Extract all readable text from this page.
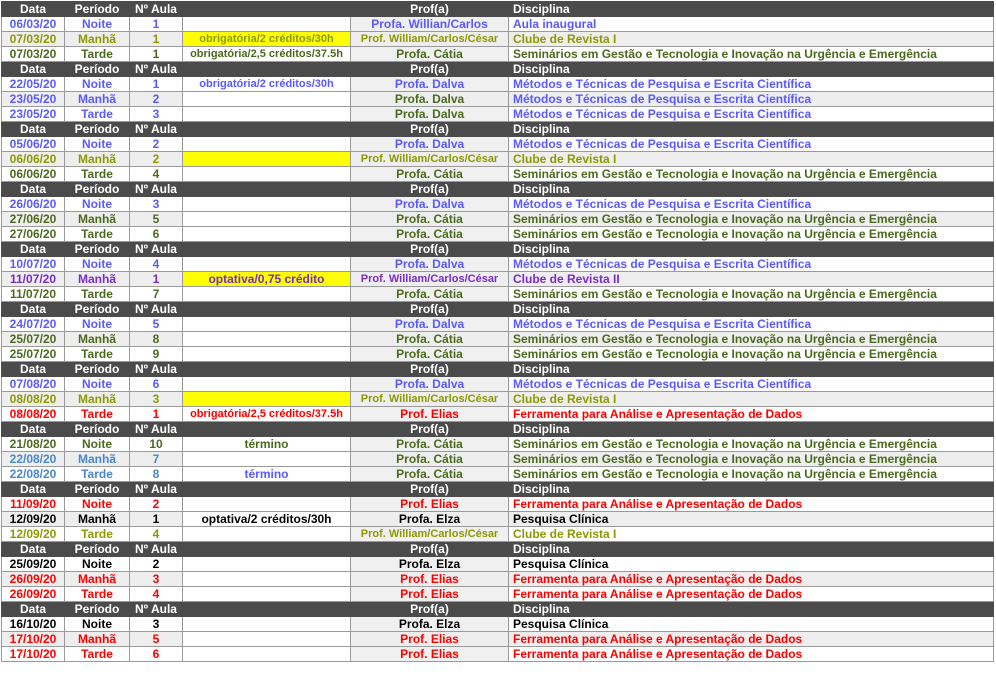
Data	Período	Nº Aula		Prof(a)	Disciplina
06/03/20	Noite	1		Profa. Willian/Carlos	Aula inaugural
07/03/20	Manhã	1	obrigatória/2 créditos/30h	Prof. William/Carlos/César	Clube de Revista I
07/03/20	Tarde	1	obrigatória/2,5 créditos/37.5h	Profa. Cátia	Seminários em Gestão e Tecnologia e Inovação na Urgência e Emergência
Data	Período	Nº Aula		Prof(a)	Disciplina
22/05/20	Noite	1	obrigatória/2 créditos/30h	Profa. Dalva	Métodos e Técnicas de Pesquisa e Escrita Científica
23/05/20	Manhã	2		Profa. Dalva	Métodos e Técnicas de Pesquisa e Escrita Científica
23/05/20	Tarde	3		Profa. Dalva	Métodos e Técnicas de Pesquisa e Escrita Científica
Data	Período	Nº Aula		Prof(a)	Disciplina
05/06/20	Noite	2		Profa. Dalva	Métodos e Técnicas de Pesquisa e Escrita Científica
06/06/20	Manhã	2		Prof. William/Carlos/César	Clube de Revista I
06/06/20	Tarde	4		Profa. Cátia	Seminários em Gestão e Tecnologia e Inovação na Urgência e Emergência
Data	Período	Nº Aula		Prof(a)	Disciplina
26/06/20	Noite	3		Profa. Dalva	Métodos e Técnicas de Pesquisa e Escrita Científica
27/06/20	Manhã	5		Profa. Cátia	Seminários em Gestão e Tecnologia e Inovação na Urgência e Emergência
27/06/20	Tarde	6		Profa. Cátia	Seminários em Gestão e Tecnologia e Inovação na Urgência e Emergência
Data	Período	Nº Aula		Prof(a)	Disciplina
10/07/20	Noite	4		Profa. Dalva	Métodos e Técnicas de Pesquisa e Escrita Científica
11/07/20	Manhã	1	optativa/0,75 crédito	Prof. William/Carlos/César	Clube de Revista II
11/07/20	Tarde	7		Profa. Cátia	Seminários em Gestão e Tecnologia e Inovação na Urgência e Emergência
Data	Período	Nº Aula		Prof(a)	Disciplina
24/07/20	Noite	5		Profa. Dalva	Métodos e Técnicas de Pesquisa e Escrita Científica
25/07/20	Manhã	8		Profa. Cátia	Seminários em Gestão e Tecnologia e Inovação na Urgência e Emergência
25/07/20	Tarde	9		Profa. Cátia	Seminários em Gestão e Tecnologia e Inovação na Urgência e Emergência
Data	Período	Nº Aula		Prof(a)	Disciplina
07/08/20	Noite	6		Profa. Dalva	Métodos e Técnicas de Pesquisa e Escrita Científica
08/08/20	Manhã	3		Prof. William/Carlos/César	Clube de Revista I
08/08/20	Tarde	1	obrigatória/2,5 créditos/37.5h	Prof. Elias	Ferramenta para Análise e Apresentação de Dados
Data	Período	Nº Aula		Prof(a)	Disciplina
21/08/20	Noite	10	término	Profa. Cátia	Seminários em Gestão e Tecnologia e Inovação na Urgência e Emergência
22/08/20	Manhã	7		Profa. Cátia	Seminários em Gestão e Tecnologia e Inovação na Urgência e Emergência
22/08/20	Tarde	8	término	Profa. Cátia	Seminários em Gestão e Tecnologia e Inovação na Urgência e Emergência
Data	Período	Nº Aula		Prof(a)	Disciplina
11/09/20	Noite	2		Prof. Elias	Ferramenta para Análise e Apresentação de Dados
12/09/20	Manhã	1	optativa/2 créditos/30h	Profa. Elza	Pesquisa Clínica
12/09/20	Tarde	4		Prof. William/Carlos/César	Clube de Revista I
Data	Período	Nº Aula		Prof(a)	Disciplina
25/09/20	Noite	2		Profa. Elza	Pesquisa Clínica
26/09/20	Manhã	3		Prof. Elias	Ferramenta para Análise e Apresentação de Dados
26/09/20	Tarde	4		Prof. Elias	Ferramenta para Análise e Apresentação de Dados
Data	Período	Nº Aula		Prof(a)	Disciplina
16/10/20	Noite	3		Profa. Elza	Pesquisa Clínica
17/10/20	Manhã	5		Prof. Elias	Ferramenta para Análise e Apresentação de Dados
17/10/20	Tarde	6		Prof. Elias	Ferramenta para Análise e Apresentação de Dados
